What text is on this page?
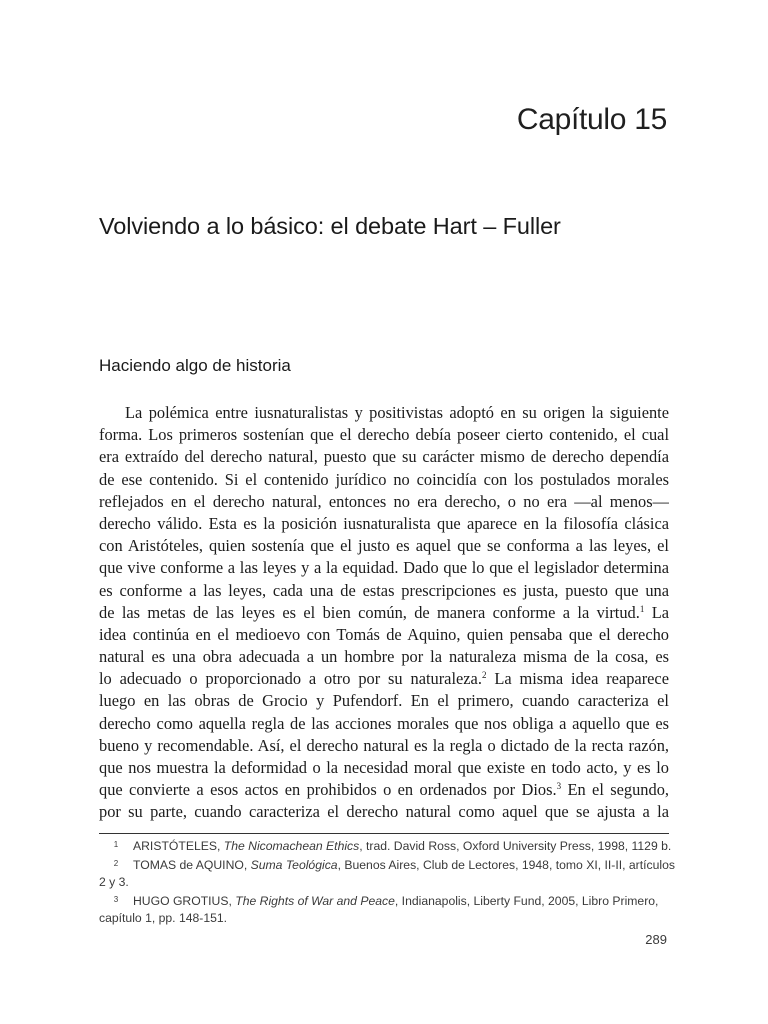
Capítulo 15
Volviendo a lo básico: el debate Hart – Fuller
Haciendo algo de historia
La polémica entre iusnaturalistas y positivistas adoptó en su origen la siguiente
forma. Los primeros sostenían que el derecho debía poseer cierto contenido, el cual
era extraído del derecho natural, puesto que su carácter mismo de derecho dependía
de ese contenido. Si el contenido jurídico no coincidía con los postulados morales
reflejados en el derecho natural, entonces no era derecho, o no era —al menos—
derecho válido. Esta es la posición iusnaturalista que aparece en la filosofía clásica
con Aristóteles, quien sostenía que el justo es aquel que se conforma a las leyes, el
que vive conforme a las leyes y a la equidad. Dado que lo que el legislador determina
es conforme a las leyes, cada una de estas prescripciones es justa, puesto que una
de las metas de las leyes es el bien común, de manera conforme a la virtud.$^1$ La
idea continúa en el medioevo con Tomás de Aquino, quien pensaba que el derecho
natural es una obra adecuada a un hombre por la naturaleza misma de la cosa, es
lo adecuado o proporcionado a otro por su naturaleza.$^2$ La misma idea reaparece
luego en las obras de Grocio y Pufendorf. En el primero, cuando caracteriza el
derecho como aquella regla de las acciones morales que nos obliga a aquello que es
bueno y recomendable. Así, el derecho natural es la regla o dictado de la recta razón,
que nos muestra la deformidad o la necesidad moral que existe en todo acto, y es lo
que convierte a esos actos en prohibidos o en ordenados por Dios.$^3$ En el segundo,
por su parte, cuando caracteriza el derecho natural como aquel que se ajusta a la
1 ARISTÓTELES, The Nicomachean Ethics, trad. David Ross, Oxford University Press, 1998, 1129 b.
2 TOMAS de AQUINO, Suma Teológica, Buenos Aires, Club de Lectores, 1948, tomo XI, II-II, artículos
2 y 3.
3 HUGO GROTIUS, The Rights of War and Peace, Indianapolis, Liberty Fund, 2005, Libro Primero,
capítulo 1, pp. 148-151.
289
